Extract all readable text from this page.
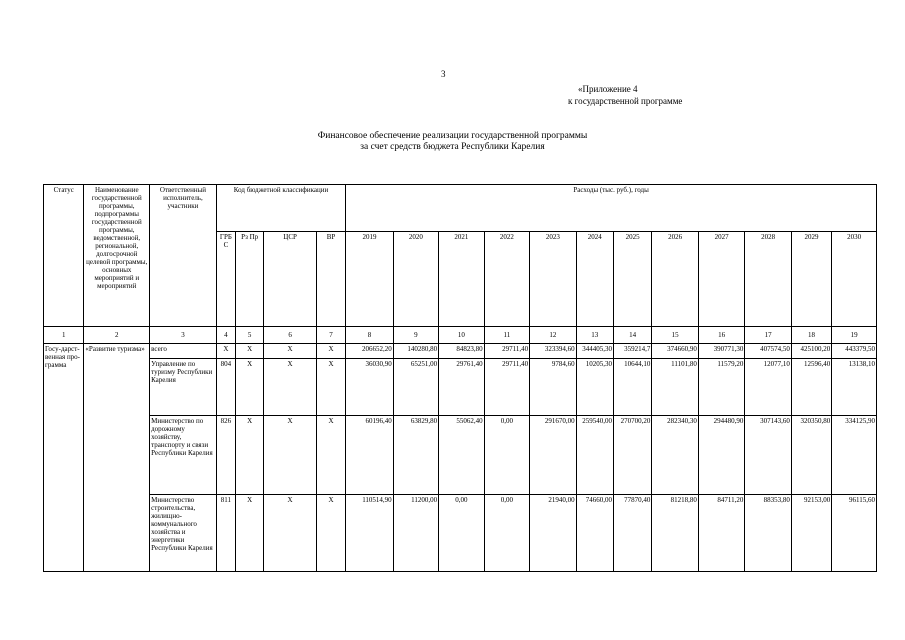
3
«Приложение 4
к государственной программе
Финансовое обеспечение реализации государственной программы
за счет средств бюджета Республики Карелия
Статус	Наименование государственной программы, подпрограммы государственной программы, ведомственной, региональной, долгосрочной целевой программы, основных мероприятий и мероприятий	Ответственный исполнитель, участники	Код бюджетной классификации				Расходы (тыс. руб.), годы											
			ГРБС	Рз Пр	ЦСР	ВР	2019	2020	2021	2022	2023	2024	2025	2026	2027	2028	2029	2030
1	2	3	4	5	6	7	8	9	10	11	12	13	14	15	16	17	18	19
Госу-дарст-венная про-грамма	«Развитие туризма»	всего	Х	Х	Х	Х	206652,20	140280,80	84823,80	29711,40	323394,60	344405,30	359214,7	374660,90	390771,30	407574,50	425100,20	443379,50
		Управление по туризму Республики Карелия	804	Х	Х	Х	36030,90	65251,00	29761,40	29711,40	9784,60	10205,30	10644,10	11101,80	11579,20	12077,10	12596,40	13138,10
		Министерство по дорожному хозяйству, транспорту и связи Республики Карелия	826	Х	Х	Х	60196,40	63829,80	55062,40	0,00	291670,00	259540,00	270700,20	282340,30	294480,90	307143,60	320350,80	334125,90
		Министерство строительства, жилищно-коммунального хозяйства и энергетики Республики Карелия	811	Х	Х	Х	110514,90	11200,00	0,00	0,00	21940,00	74660,00	77870,40	81218,80	84711,20	88353,80	92153,00	96115,60
